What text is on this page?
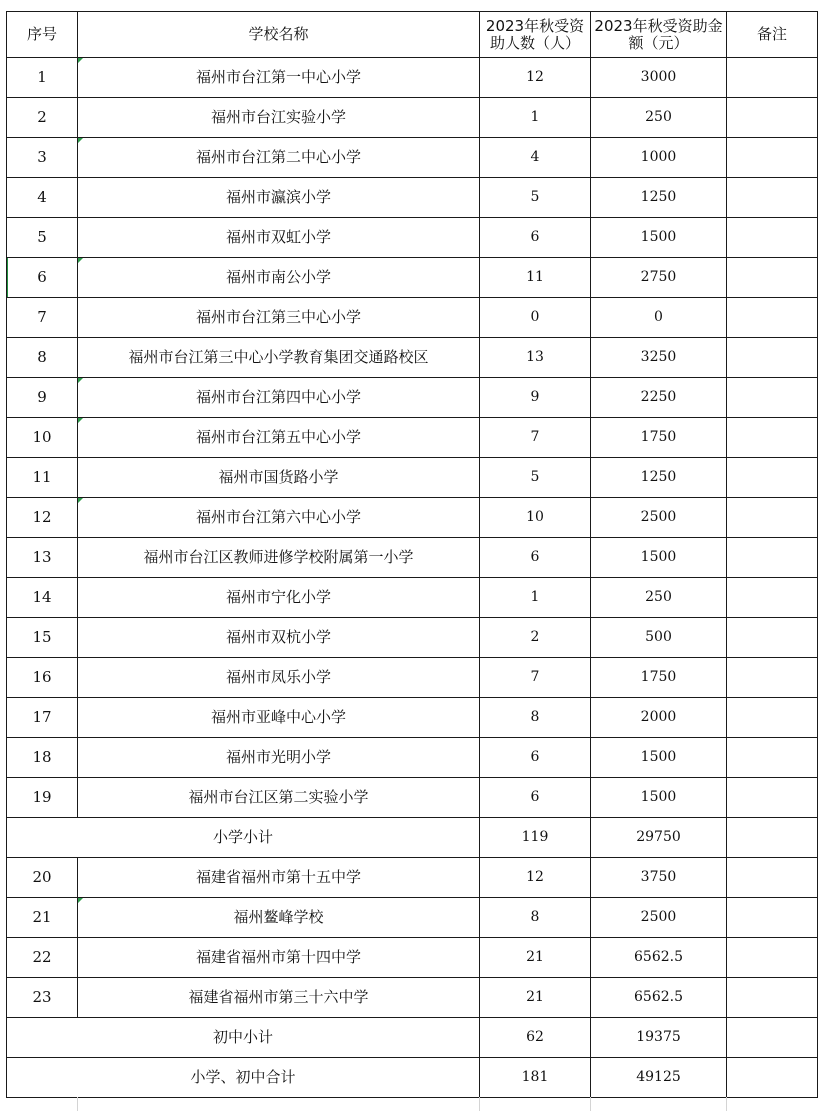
序号	学校名称	2023年秋受资助人数（人）	2023年秋受资助金额（元）	备注
1	福州市台江第一中心小学	12	3000	
2	福州市台江实验小学	1	250	
3	福州市台江第二中心小学	4	1000	
4	福州市瀛滨小学	5	1250	
5	福州市双虹小学	6	1500	

6	福州市南公小学	11	2750	
7	福州市台江第三中心小学	0	0	
8	福州市台江第三中心小学教育集团交通路校区	13	3250	
9	福州市台江第四中心小学	9	2250	
10	福州市台江第五中心小学	7	1750	
11	福州市国货路小学	5	1250	
12	福州市台江第六中心小学	10	2500	
13	福州市台江区教师进修学校附属第一小学	6	1500	
14	福州市宁化小学	1	250	
15	福州市双杭小学	2	500	
16	福州市凤乐小学	7	1750	
17	福州市亚峰中心小学	8	2000	
18	福州市光明小学	6	1500	
19	福州市台江区第二实验小学	6	1500	
小学小计		119	29750	
20	福建省福州市第十五中学	12	3750	
21	福州鳌峰学校	8	2500	
22	福建省福州市第十四中学	21	6562.5	
23	福建省福州市第三十六中学	21	6562.5	
初中小计		62	19375	
小学、初中合计		181	49125	
